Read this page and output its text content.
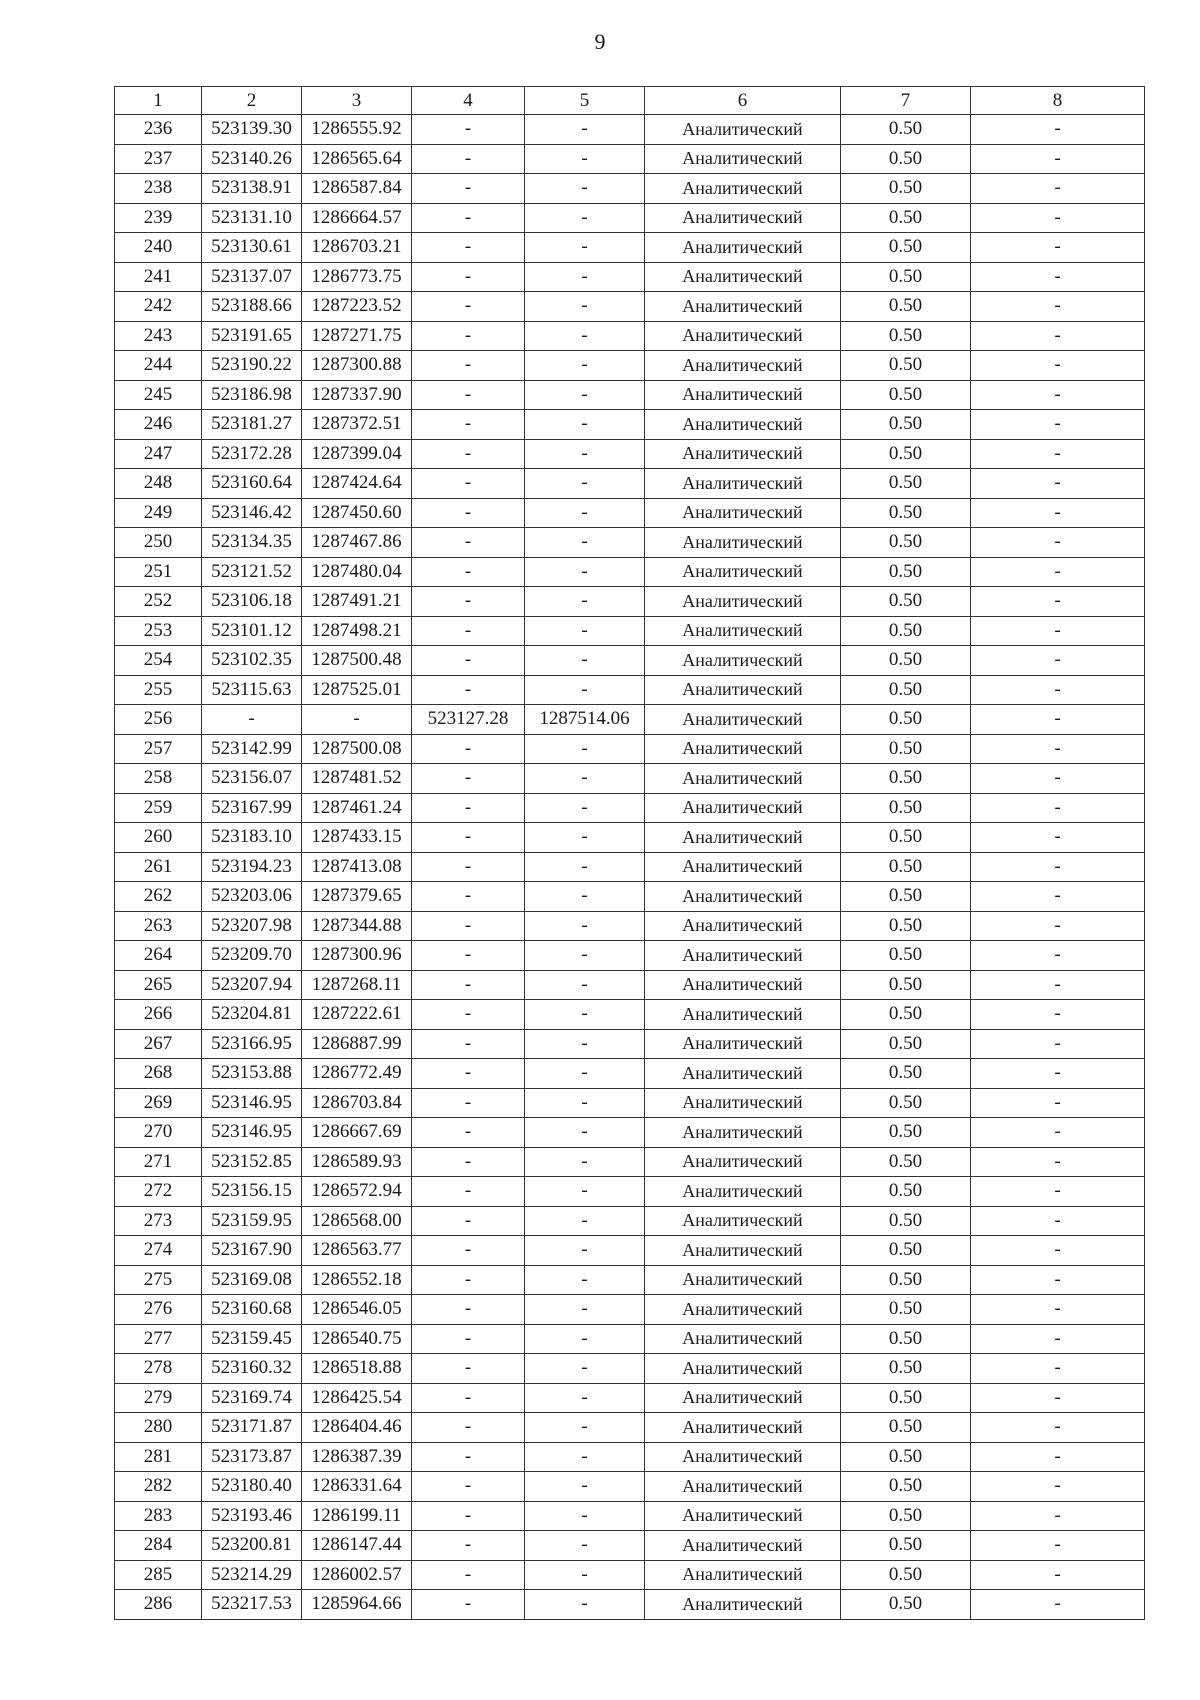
9
1	2	3	4	5	6	7	8
236	523139.30	1286555.92	-	-	Аналитический	0.50	-
237	523140.26	1286565.64	-	-	Аналитический	0.50	-
238	523138.91	1286587.84	-	-	Аналитический	0.50	-
239	523131.10	1286664.57	-	-	Аналитический	0.50	-
240	523130.61	1286703.21	-	-	Аналитический	0.50	-
241	523137.07	1286773.75	-	-	Аналитический	0.50	-
242	523188.66	1287223.52	-	-	Аналитический	0.50	-
243	523191.65	1287271.75	-	-	Аналитический	0.50	-
244	523190.22	1287300.88	-	-	Аналитический	0.50	-
245	523186.98	1287337.90	-	-	Аналитический	0.50	-
246	523181.27	1287372.51	-	-	Аналитический	0.50	-
247	523172.28	1287399.04	-	-	Аналитический	0.50	-
248	523160.64	1287424.64	-	-	Аналитический	0.50	-
249	523146.42	1287450.60	-	-	Аналитический	0.50	-
250	523134.35	1287467.86	-	-	Аналитический	0.50	-
251	523121.52	1287480.04	-	-	Аналитический	0.50	-
252	523106.18	1287491.21	-	-	Аналитический	0.50	-
253	523101.12	1287498.21	-	-	Аналитический	0.50	-
254	523102.35	1287500.48	-	-	Аналитический	0.50	-
255	523115.63	1287525.01	-	-	Аналитический	0.50	-
256	-	-	523127.28	1287514.06	Аналитический	0.50	-
257	523142.99	1287500.08	-	-	Аналитический	0.50	-
258	523156.07	1287481.52	-	-	Аналитический	0.50	-
259	523167.99	1287461.24	-	-	Аналитический	0.50	-
260	523183.10	1287433.15	-	-	Аналитический	0.50	-
261	523194.23	1287413.08	-	-	Аналитический	0.50	-
262	523203.06	1287379.65	-	-	Аналитический	0.50	-
263	523207.98	1287344.88	-	-	Аналитический	0.50	-
264	523209.70	1287300.96	-	-	Аналитический	0.50	-
265	523207.94	1287268.11	-	-	Аналитический	0.50	-
266	523204.81	1287222.61	-	-	Аналитический	0.50	-
267	523166.95	1286887.99	-	-	Аналитический	0.50	-
268	523153.88	1286772.49	-	-	Аналитический	0.50	-
269	523146.95	1286703.84	-	-	Аналитический	0.50	-
270	523146.95	1286667.69	-	-	Аналитический	0.50	-
271	523152.85	1286589.93	-	-	Аналитический	0.50	-
272	523156.15	1286572.94	-	-	Аналитический	0.50	-
273	523159.95	1286568.00	-	-	Аналитический	0.50	-
274	523167.90	1286563.77	-	-	Аналитический	0.50	-
275	523169.08	1286552.18	-	-	Аналитический	0.50	-
276	523160.68	1286546.05	-	-	Аналитический	0.50	-
277	523159.45	1286540.75	-	-	Аналитический	0.50	-
278	523160.32	1286518.88	-	-	Аналитический	0.50	-
279	523169.74	1286425.54	-	-	Аналитический	0.50	-
280	523171.87	1286404.46	-	-	Аналитический	0.50	-
281	523173.87	1286387.39	-	-	Аналитический	0.50	-
282	523180.40	1286331.64	-	-	Аналитический	0.50	-
283	523193.46	1286199.11	-	-	Аналитический	0.50	-
284	523200.81	1286147.44	-	-	Аналитический	0.50	-
285	523214.29	1286002.57	-	-	Аналитический	0.50	-
286	523217.53	1285964.66	-	-	Аналитический	0.50	-
